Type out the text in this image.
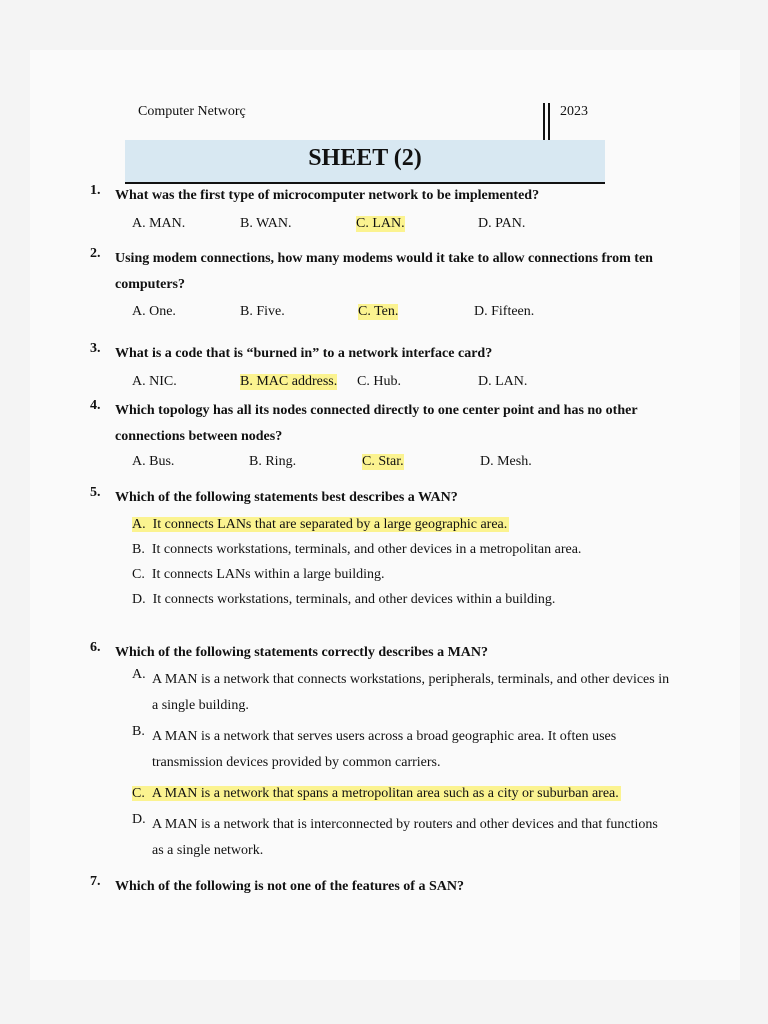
Computer Networç	2023
SHEET (2)
1. What was the first type of microcomputer network to be implemented?
A. MAN.	B. WAN.	C. LAN.	D. PAN.
2. Using modem connections, how many modems would it take to allow connections from ten computers?
A. One.	B. Five.	C. Ten.	D. Fifteen.
3. What is a code that is “burned in” to a network interface card?
A. NIC.	B. MAC address. C. Hub.	D. LAN.
4. Which topology has all its nodes connected directly to one center point and has no other connections between nodes?
A. Bus.	B. Ring.	C. Star.	D. Mesh.
5. Which of the following statements best describes a WAN?
A. It connects LANs that are separated by a large geographic area.
B. It connects workstations, terminals, and other devices in a metropolitan area.
C. It connects LANs within a large building.
D. It connects workstations, terminals, and other devices within a building.
6. Which of the following statements correctly describes a MAN?
A. A MAN is a network that connects workstations, peripherals, terminals, and other devices in a single building.
B. A MAN is a network that serves users across a broad geographic area. It often uses transmission devices provided by common carriers.
C. A MAN is a network that spans a metropolitan area such as a city or suburban area.
D. A MAN is a network that is interconnected by routers and other devices and that functions as a single network.
7. Which of the following is not one of the features of a SAN?
